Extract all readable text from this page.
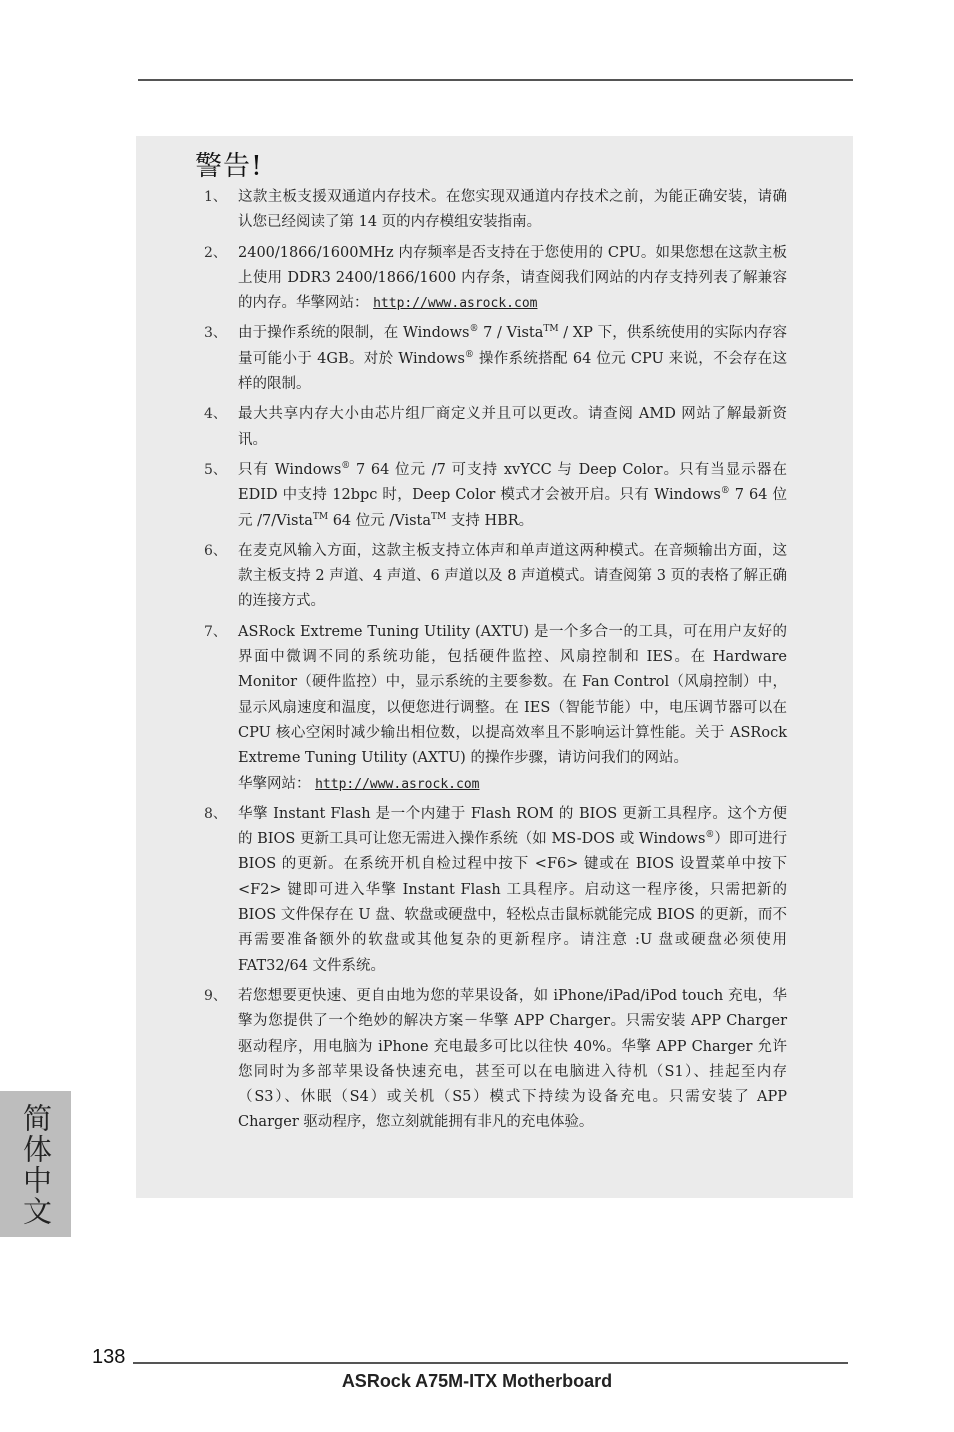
警告!
1、 这款主板支援双通道内存技术。在您实现双通道内存技术之前，为能正确安装，请确认您已经阅读了第 14 页的内存模组安装指南。
2、 2400/1866/1600MHz 内存频率是否支持在于您使用的 CPU。如果您想在这款主板上使用 DDR3 2400/1866/1600 内存条，请查阅我们网站的内存支持列表了解兼容的内存。华擎网站： http://www.asrock.com
3、 由于操作系统的限制，在 Windows® 7 / Vista™ / XP 下，供系统使用的实际内存容量可能小于 4GB。对於 Windows® 操作系统搭配 64 位元 CPU 来说，不会存在这样的限制。
4、 最大共享内存大小由芯片组厂商定义并且可以更改。请查阅 AMD 网站了解最新资讯。
5、 只有 Windows® 7 64 位元 /7 可支持 xvYCC 与 Deep Color。只有当显示器在 EDID 中支持 12bpc 时，Deep Color 模式才会被开启。只有 Windows® 7 64 位元 /7/Vista™ 64 位元 /Vista™ 支持 HBR。
6、 在麦克风输入方面，这款主板支持立体声和单声道这两种模式。在音频输出方面，这款主板支持 2 声道、4 声道、6 声道以及 8 声道模式。请查阅第 3 页的表格了解正确的连接方式。
7、 ASRock Extreme Tuning Utility (AXTU) 是一个多合一的工具，可在用户友好的界面中微调不同的系统功能，包括硬件监控、风扇控制和 IES。在 Hardware Monitor（硬件监控）中，显示系统的主要参数。在 Fan Control（风扇控制）中，显示风扇速度和温度，以便您进行调整。在 IES（智能节能）中，电压调节器可以在 CPU 核心空闲时减少输出相位数，以提高效率且不影响运计算性能。关于 ASRock Extreme Tuning Utility (AXTU) 的操作步骤，请访问我们的网站。
华擎网站： http://www.asrock.com
8、 华擎 Instant Flash 是一个内建于 Flash ROM 的 BIOS 更新工具程序。这个方便的 BIOS 更新工具可让您无需进入操作系统（如 MS-DOS 或 Windows®）即可进行 BIOS 的更新。在系统开机自检过程中按下 <F6> 键或在 BIOS 设置菜单中按下 <F2> 键即可进入华擎 Instant Flash 工具程序。启动这一程序後，只需把新的 BIOS 文件保存在 U 盘、软盘或硬盘中，轻松点击鼠标就能完成 BIOS 的更新，而不再需要准备额外的软盘或其他复杂的更新程序。请注意 :U 盘或硬盘必须使用 FAT32/64 文件系统。
9、 若您想要更快速、更自由地为您的苹果设备，如 iPhone/iPad/iPod touch 充电，华擎为您提供了一个绝妙的解决方案－华擎 APP Charger。只需安装 APP Charger 驱动程序，用电脑为 iPhone 充电最多可比以往快 40%。华擎 APP Charger 允许您同时为多部苹果设备快速充电，甚至可以在电脑进入待机（S1）、挂起至内存（S3）、休眠（S4）或关机（S5）模式下持续为设备充电。只需安装了 APP Charger 驱动程序，您立刻就能拥有非凡的充电体验。
简体中文
138
ASRock A75M-ITX Motherboard
